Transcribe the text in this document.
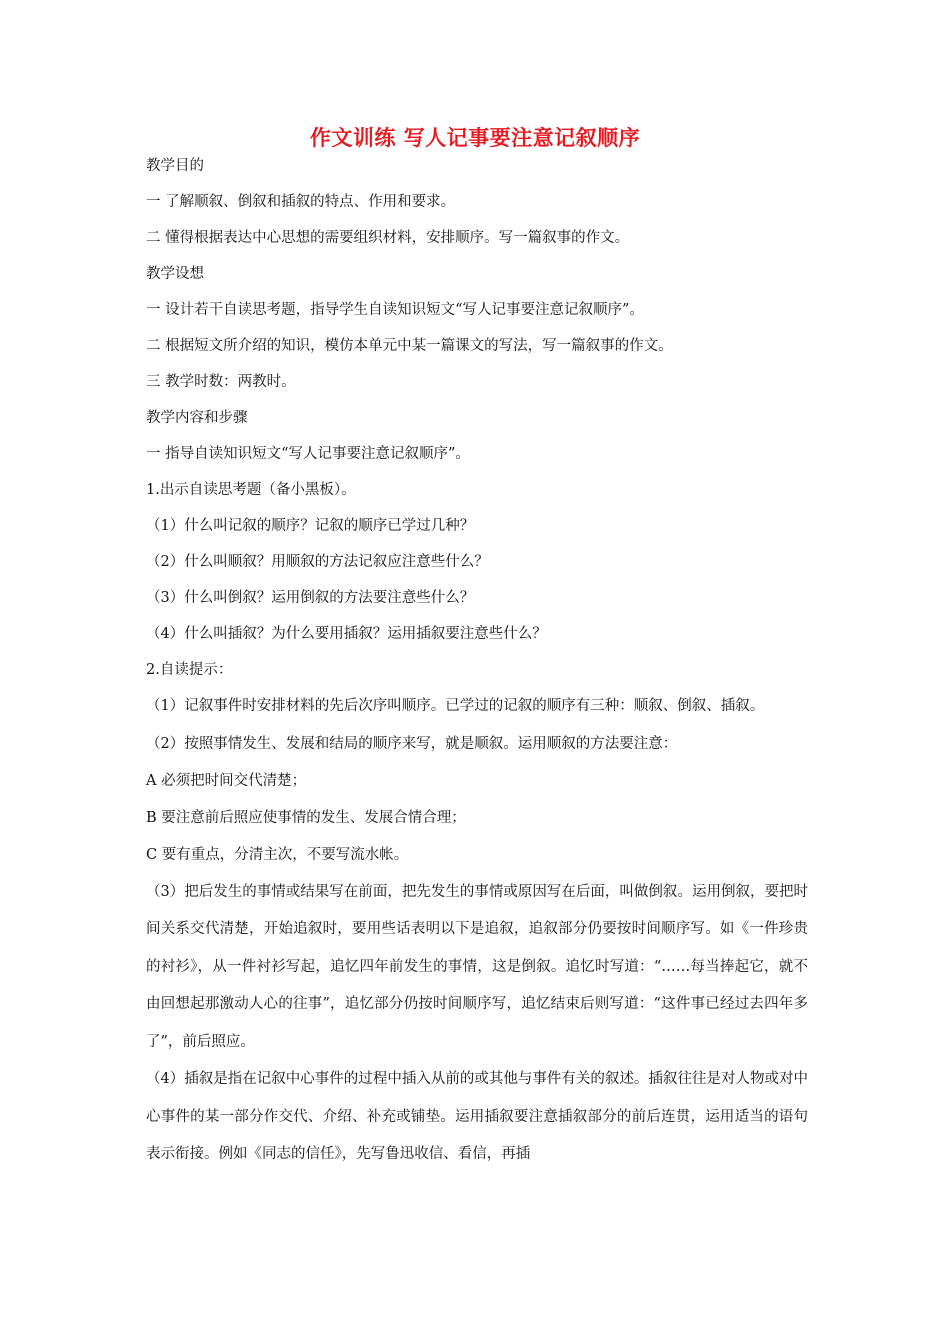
作文训练 写人记事要注意记叙顺序
教学目的
一 了解顺叙、倒叙和插叙的特点、作用和要求。
二 懂得根据表达中心思想的需要组织材料，安排顺序。写一篇叙事的作文。
教学设想
一 设计若干自读思考题，指导学生自读知识短文“写人记事要注意记叙顺序”。
二 根据短文所介绍的知识，模仿本单元中某一篇课文的写法，写一篇叙事的作文。
三 教学时数：两教时。
教学内容和步骤
一 指导自读知识短文“写人记事要注意记叙顺序”。
1.出示自读思考题（备小黑板）。
（1）什么叫记叙的顺序？记叙的顺序已学过几种？
（2）什么叫顺叙？用顺叙的方法记叙应注意些什么？
（3）什么叫倒叙？运用倒叙的方法要注意些什么？
（4）什么叫插叙？为什么要用插叙？运用插叙要注意些什么？
2.自读提示：
（1）记叙事件时安排材料的先后次序叫顺序。已学过的记叙的顺序有三种：顺叙、倒叙、插叙。
（2）按照事情发生、发展和结局的顺序来写，就是顺叙。运用顺叙的方法要注意：
A 必须把时间交代清楚；
B 要注意前后照应使事情的发生、发展合情合理；
C 要有重点，分清主次，不要写流水帐。
（3）把后发生的事情或结果写在前面，把先发生的事情或原因写在后面，叫做倒叙。运用倒叙，要把时间关系交代清楚，开始追叙时，要用些话表明以下是追叙，追叙部分仍要按时间顺序写。如《一件珍贵的衬衫》，从一件衬衫写起，追忆四年前发生的事情，这是倒叙。追忆时写道：“……每当捧起它，就不由回想起那激动人心的往事”，追忆部分仍按时间顺序写，追忆结束后则写道：“这件事已经过去四年多了”，前后照应。
（4）插叙是指在记叙中心事件的过程中插入从前的或其他与事件有关的叙述。插叙往往是对人物或对中心事件的某一部分作交代、介绍、补充或铺垫。运用插叙要注意插叙部分的前后连贯，运用适当的语句表示衔接。例如《同志的信任》，先写鲁迅收信、看信，再插
